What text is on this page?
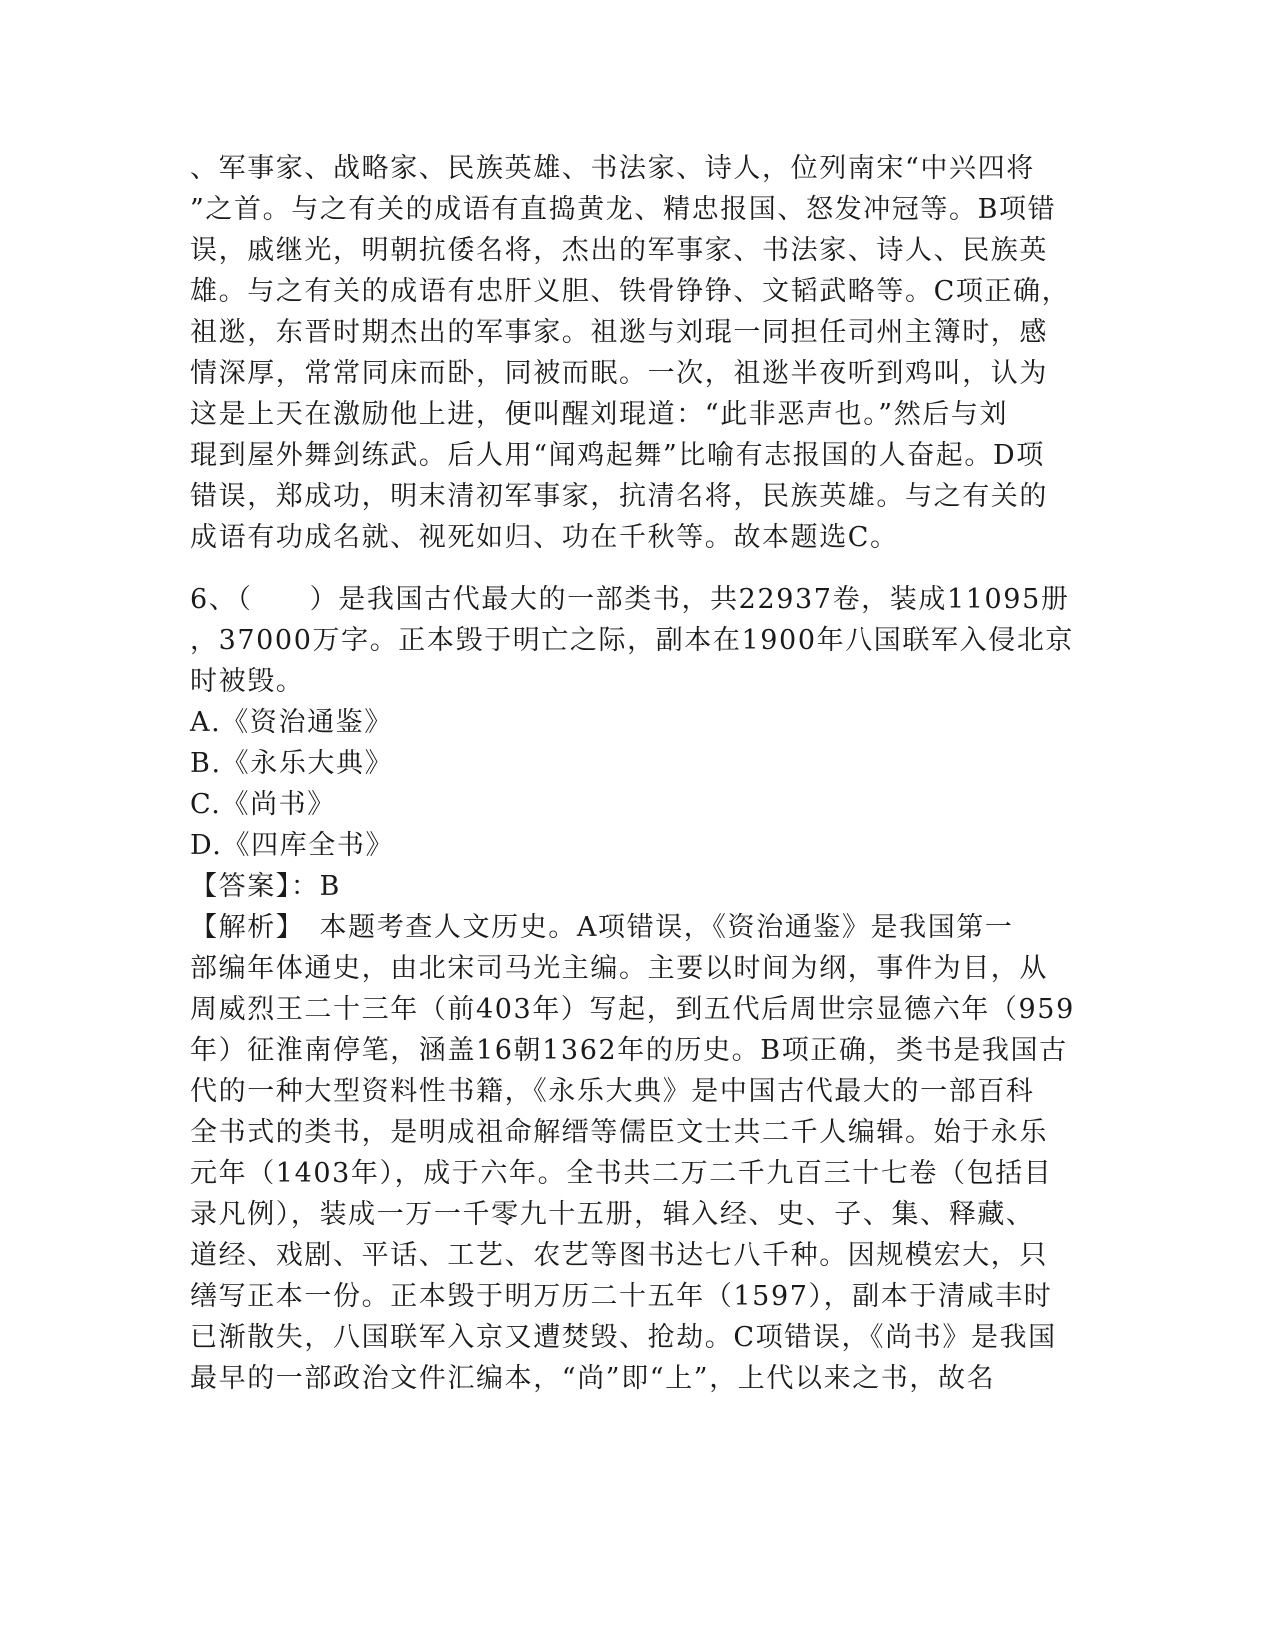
、军事家、战略家、民族英雄、书法家、诗人，位列南宋“中兴四将
”之首。与之有关的成语有直捣黄龙、精忠报国、怒发冲冠等。B项错
误，戚继光，明朝抗倭名将，杰出的军事家、书法家、诗人、民族英
雄。与之有关的成语有忠肝义胆、铁骨铮铮、文韬武略等。C项正确，
祖逖，东晋时期杰出的军事家。祖逖与刘琨一同担任司州主簿时，感
情深厚，常常同床而卧，同被而眠。一次，祖逖半夜听到鸡叫，认为
这是上天在激励他上进，便叫醒刘琨道：“此非恶声也。”然后与刘
琨到屋外舞剑练武。后人用“闻鸡起舞”比喻有志报国的人奋起。D项
错误，郑成功，明末清初军事家，抗清名将，民族英雄。与之有关的
成语有功成名就、视死如归、功在千秋等。故本题选C。
6、（　　）是我国古代最大的一部类书，共22937卷，装成11095册
，37000万字。正本毁于明亡之际，副本在1900年八国联军入侵北京
时被毁。
A.《资治通鉴》
B.《永乐大典》
C.《尚书》
D.《四库全书》
【答案】：B
【解析】　本题考查人文历史。A项错误，《资治通鉴》是我国第一
部编年体通史，由北宋司马光主编。主要以时间为纲，事件为目，从
周威烈王二十三年（前403年）写起，到五代后周世宗显德六年（959
年）征淮南停笔，涵盖16朝1362年的历史。B项正确，类书是我国古
代的一种大型资料性书籍，《永乐大典》是中国古代最大的一部百科
全书式的类书，是明成祖命解缙等儒臣文士共二千人编辑。始于永乐
元年（1403年），成于六年。全书共二万二千九百三十七卷（包括目
录凡例），装成一万一千零九十五册，辑入经、史、子、集、释藏、
道经、戏剧、平话、工艺、农艺等图书达七八千种。因规模宏大，只
缮写正本一份。正本毁于明万历二十五年（1597），副本于清咸丰时
已渐散失，八国联军入京又遭焚毁、抢劫。C项错误，《尚书》是我国
最早的一部政治文件汇编本，“尚”即“上”，上代以来之书，故名
